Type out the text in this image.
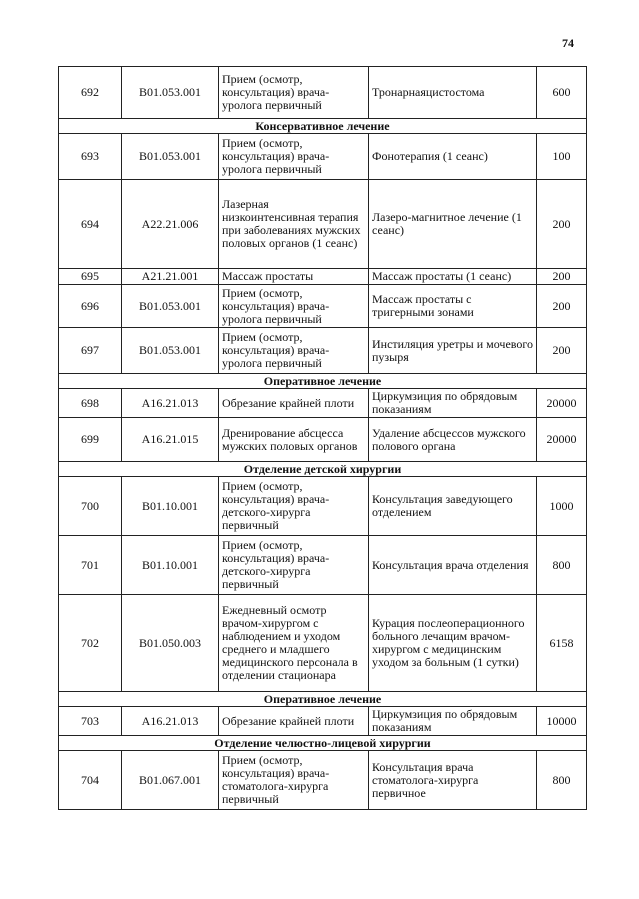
74
692	B01.053.001	Прием (осмотр, консультация) врача-уролога первичный	Тронарнаяцистостома	600
Консервативное лечение				
693	B01.053.001	Прием (осмотр, консультация) врача-уролога первичный	Фонотерапия (1 сеанс)	100
694	A22.21.006	Лазерная низкоинтенсивная терапия при заболеваниях мужских половых органов (1 сеанс)	Лазеро-магнитное лечение (1 сеанс)	200
695	A21.21.001	Массаж простаты	Массаж простаты (1 сеанс)	200
696	B01.053.001	Прием (осмотр, консультация) врача-уролога первичный	Массаж простаты с тригерными зонами	200
697	B01.053.001	Прием (осмотр, консультация) врача-уролога первичный	Инстиляция уретры и мочевого пузыря	200
Оперативное лечение				
698	A16.21.013	Обрезание крайней плоти	Циркумзиция по обрядовым показаниям	20000
699	A16.21.015	Дренирование абсцесса мужских половых органов	Удаление абсцессов мужского полового органа	20000
Отделение детской хирургии				
700	B01.10.001	Прием (осмотр, консультация) врача-детского-хирурга первичный	Консультация заведующего отделением	1000
701	B01.10.001	Прием (осмотр, консультация) врача-детского-хирурга первичный	Консультация врача отделения	800
702	B01.050.003	Ежедневный осмотр врачом-хирургом с наблюдением и уходом среднего и младшего медицинского персонала в отделении стационара	Курация послеоперационного больного лечащим врачом-хирургом с медицинским уходом за больным (1 сутки)	6158
Оперативное лечение				
703	A16.21.013	Обрезание крайней плоти	Циркумзиция по обрядовым показаниям	10000
Отделение челюстно-лицевой хирургии				
704	B01.067.001	Прием (осмотр, консультация) врача-стоматолога-хирурга первичный	Консультация врача стоматолога-хирурга первичное	800
